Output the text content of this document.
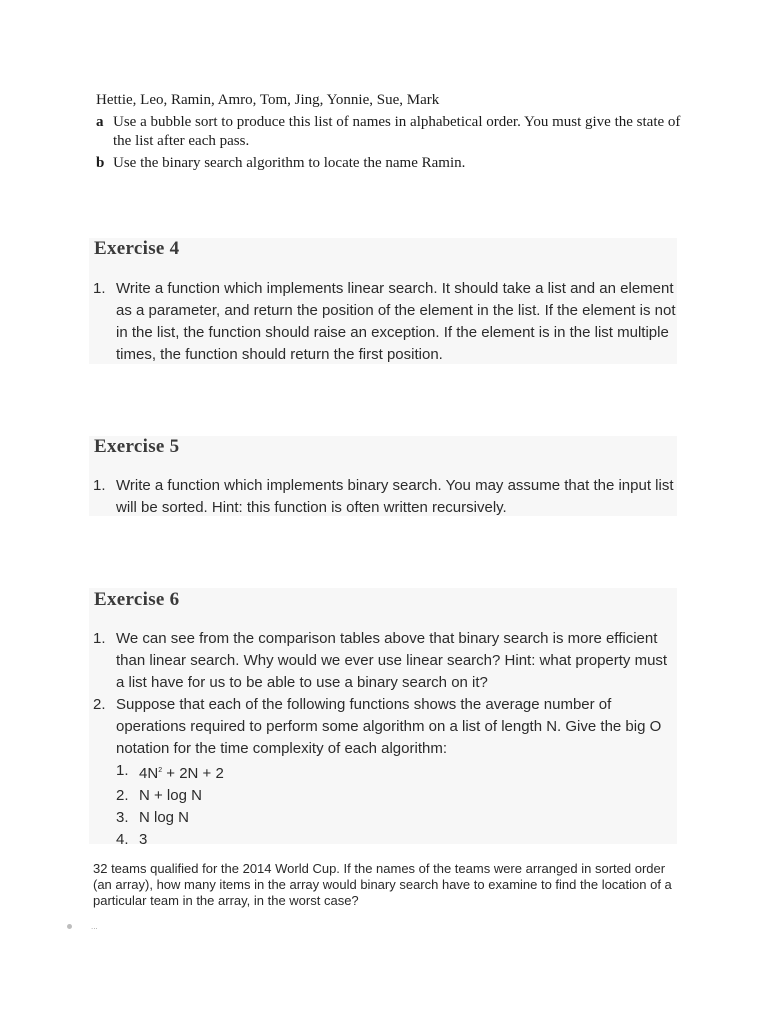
Hettie, Leo, Ramin, Amro, Tom, Jing, Yonnie, Sue, Mark

a Use a bubble sort to produce this list of names in alphabetical order. You must give the state of the list after each pass.
b Use the binary search algorithm to locate the name Ramin.
Exercise 4
1. Write a function which implements linear search. It should take a list and an element as a parameter, and return the position of the element in the list. If the element is not in the list, the function should raise an exception. If the element is in the list multiple times, the function should return the first position.
Exercise 5
1. Write a function which implements binary search. You may assume that the input list will be sorted. Hint: this function is often written recursively.
Exercise 6
1. We can see from the comparison tables above that binary search is more efficient than linear search. Why would we ever use linear search? Hint: what property must a list have for us to be able to use a binary search on it?
2. Suppose that each of the following functions shows the average number of operations required to perform some algorithm on a list of length N. Give the big O notation for the time complexity of each algorithm:
1. $4N^2 + 2N + 2$
2. N + log N
3. N log N
4. 3

32 teams qualified for the 2014 World Cup. If the names of the teams were arranged in sorted order (an array), how many items in the array would binary search have to examine to find the location of a particular team in the array, in the worst case?

...
